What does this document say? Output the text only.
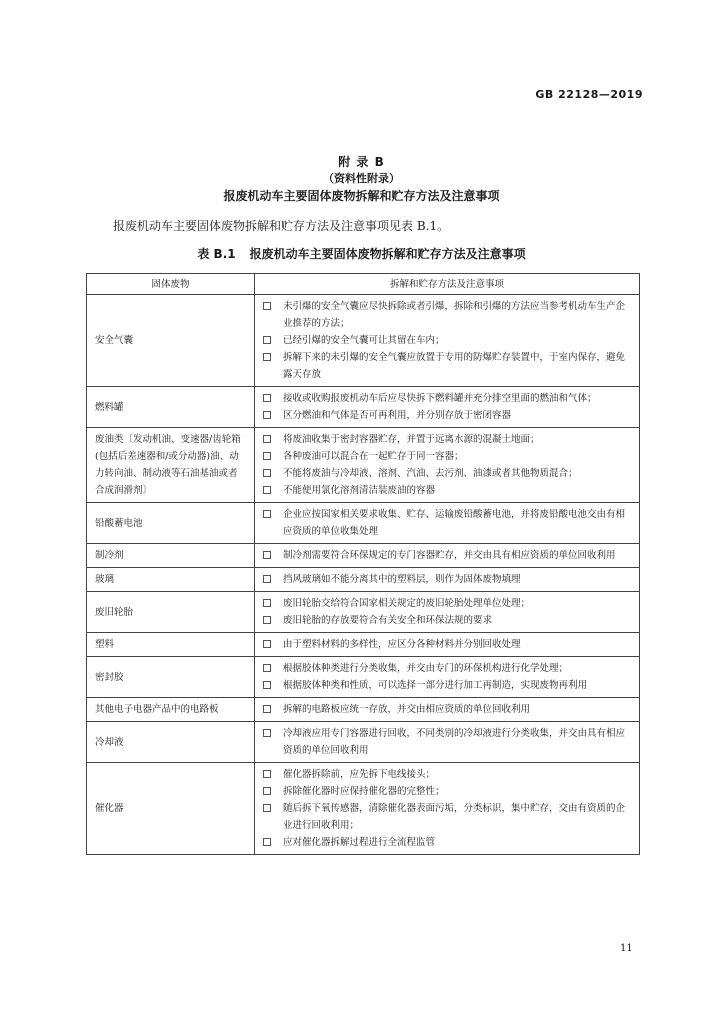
GB 22128—2019
附 录 B
（资料性附录）
报废机动车主要固体废物拆解和贮存方法及注意事项
报废机动车主要固体废物拆解和贮存方法及注意事项见表 B.1。
表 B.1 报废机动车主要固体废物拆解和贮存方法及注意事项
固体废物	拆解和贮存方法及注意事项
安全气囊	未引爆的安全气囊应尽快拆除或者引爆，拆除和引爆的方法应当参考机动车生产企业推荐的方法；
已经引爆的安全气囊可让其留在车内；
拆解下来的未引爆的安全气囊应放置于专用的防爆贮存装置中，于室内保存，避免露天存放

燃料罐	接收或收购报废机动车后应尽快拆下燃料罐并充分排空里面的燃油和气体；
区分燃油和气体是否可再利用，并分别存放于密闭容器

废油类〔发动机油、变速器/齿轮箱(包括后差速器和/或分动器)油、动力转向油、制动液等石油基油或者合成润滑剂〕	将废油收集于密封容器贮存，并置于远离水源的混凝土地面；
各种废油可以混合在一起贮存于同一容器；
不能将废油与冷却液、溶剂、汽油、去污剂、油漆或者其他物质混合；
不能使用氯化溶剂清洁装废油的容器

铅酸蓄电池	企业应按国家相关要求收集、贮存、运输废铅酸蓄电池，并将废铅酸电池交由有相应资质的单位收集处理

制冷剂	制冷剂需要符合环保规定的专门容器贮存，并交由具有相应资质的单位回收利用

玻璃	挡风玻璃如不能分离其中的塑料层，则作为固体废物填埋

废旧轮胎	废旧轮胎交给符合国家相关规定的废旧轮胎处理单位处理；
废旧轮胎的存放要符合有关安全和环保法规的要求

塑料	由于塑料材料的多样性，应区分各种材料并分别回收处理

密封胶	根据胶体种类进行分类收集，并交由专门的环保机构进行化学处理；
根据胶体种类和性质，可以选择一部分进行加工再制造，实现废物再利用

其他电子电器产品中的电路板	拆解的电路板应统一存放，并交由相应资质的单位回收利用

冷却液	冷却液应用专门容器进行回收，不同类别的冷却液进行分类收集，并交由具有相应资质的单位回收利用

催化器	催化器拆除前，应先拆下电线接头；
拆除催化器时应保持催化器的完整性；
随后拆下氧传感器，清除催化器表面污垢，分类标识，集中贮存，交由有资质的企业进行回收利用；
应对催化器拆解过程进行全流程监管
11
